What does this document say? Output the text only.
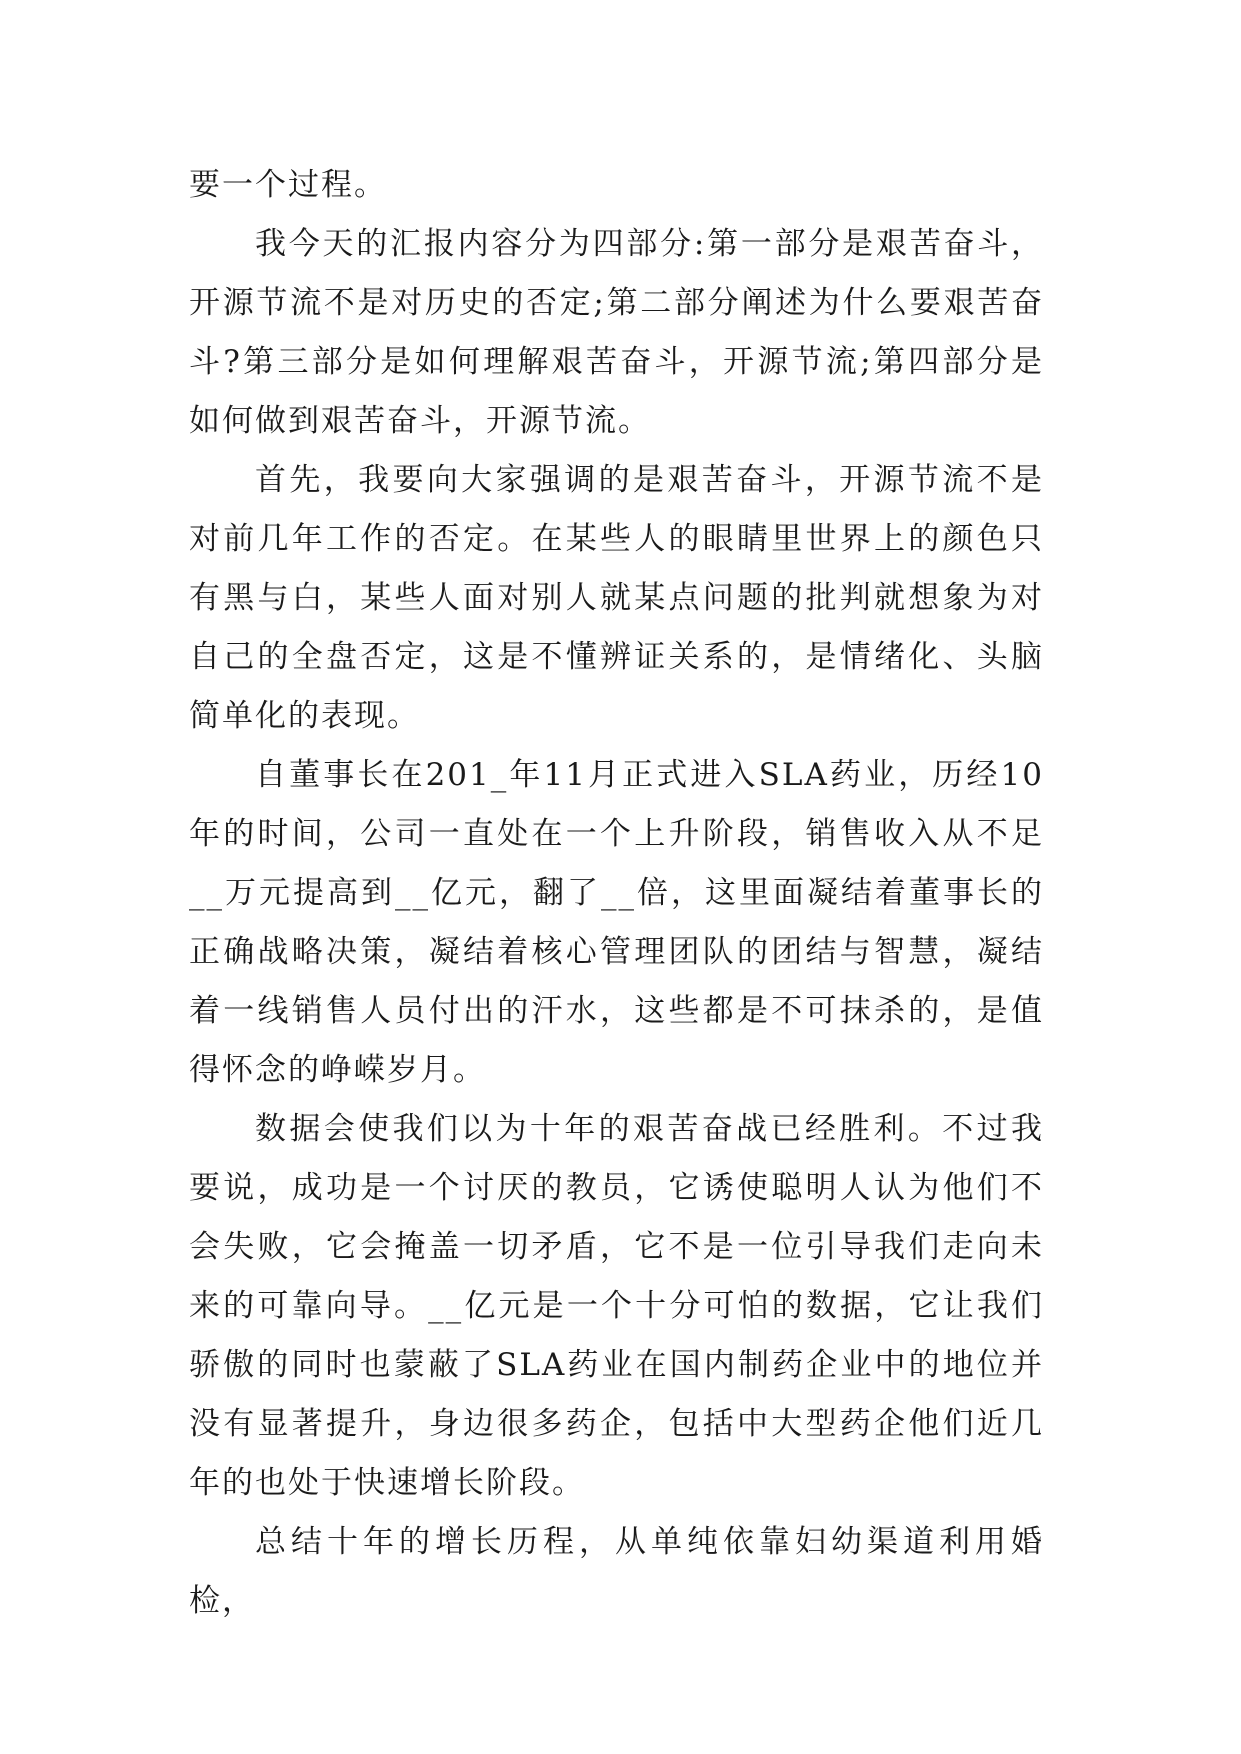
要一个过程。

我今天的汇报内容分为四部分:第一部分是艰苦奋斗，开源节流不是对历史的否定;第二部分阐述为什么要艰苦奋斗?第三部分是如何理解艰苦奋斗，开源节流;第四部分是如何做到艰苦奋斗，开源节流。

首先，我要向大家强调的是艰苦奋斗，开源节流不是对前几年工作的否定。在某些人的眼睛里世界上的颜色只有黑与白，某些人面对别人就某点问题的批判就想象为对自己的全盘否定，这是不懂辨证关系的，是情绪化、头脑简单化的表现。

自董事长在201_年11月正式进入SLA药业，历经10年的时间，公司一直处在一个上升阶段，销售收入从不足__万元提高到__亿元，翻了__倍，这里面凝结着董事长的正确战略决策，凝结着核心管理团队的团结与智慧，凝结着一线销售人员付出的汗水，这些都是不可抹杀的，是值得怀念的峥嵘岁月。

数据会使我们以为十年的艰苦奋战已经胜利。不过我要说，成功是一个讨厌的教员，它诱使聪明人认为他们不会失败，它会掩盖一切矛盾，它不是一位引导我们走向未来的可靠向导。__亿元是一个十分可怕的数据，它让我们骄傲的同时也蒙蔽了SLA药业在国内制药企业中的地位并没有显著提升，身边很多药企，包括中大型药企他们近几年的也处于快速增长阶段。

总结十年的增长历程，从单纯依靠妇幼渠道利用婚检，
